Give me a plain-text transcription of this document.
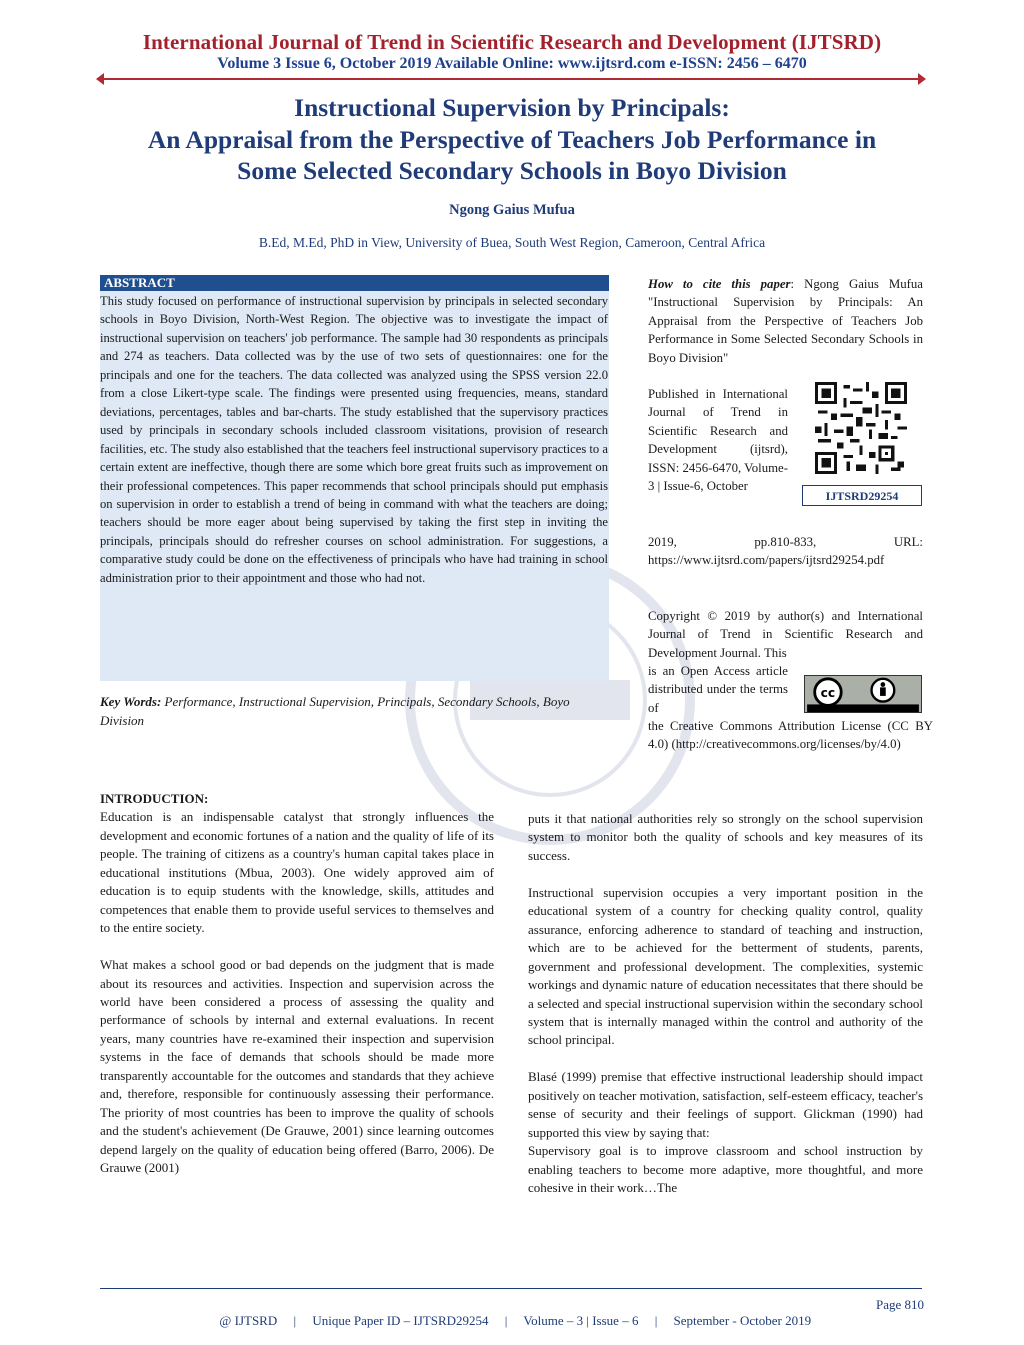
International Journal of Trend in Scientific Research and Development (IJTSRD)
Volume 3 Issue 6, October 2019 Available Online: www.ijtsrd.com e-ISSN: 2456 – 6470
Instructional Supervision by Principals:
An Appraisal from the Perspective of Teachers Job Performance in
Some Selected Secondary Schools in Boyo Division
Ngong Gaius Mufua
B.Ed, M.Ed, PhD in View, University of Buea, South West Region, Cameroon, Central Africa
ABSTRACT
This study focused on performance of instructional supervision by principals in selected secondary schools in Boyo Division, North-West Region. The objective was to investigate the impact of instructional supervision on teachers' job performance. The sample had 30 respondents as principals and 274 as teachers. Data collected was by the use of two sets of questionnaires: one for the principals and one for the teachers. The data collected was analyzed using the SPSS version 22.0 from a close Likert-type scale. The findings were presented using frequencies, means, standard deviations, percentages, tables and bar-charts. The study established that the supervisory practices used by principals in secondary schools included classroom visitations, provision of research facilities, etc. The study also established that the teachers feel instructional supervisory practices to a certain extent are ineffective, though there are some which bore great fruits such as improvement on their professional competences. This paper recommends that school principals should put emphasis on supervision in order to establish a trend of being in command with what the teachers are doing; teachers should be more eager about being supervised by taking the first step in inviting the principals, principals should do refresher courses on school administration. For suggestions, a comparative study could be done on the effectiveness of principals who have had training in school administration prior to their appointment and those who had not.
Key Words: Performance, Instructional Supervision, Principals, Secondary Schools, Boyo Division
How to cite this paper: Ngong Gaius Mufua "Instructional Supervision by Principals: An Appraisal from the Perspective of Teachers Job Performance in Some Selected Secondary Schools in Boyo Division"
Published in International Journal of Trend in Scientific Research and Development (ijtsrd), ISSN: 2456-6470, Volume-3 | Issue-6, October
2019, pp.810-833, URL: https://www.ijtsrd.com/papers/ijtsrd29254.pdf
IJTSRD29254
Copyright © 2019 by author(s) and International Journal of Trend in Scientific Research and Development Journal. This
is an Open Access article distributed under the terms of
the Creative Commons Attribution License (CC BY 4.0) (http://creativecommons.org/licenses/by/4.0)
cc
INTRODUCTION:

Education is an indispensable catalyst that strongly influences the development and economic fortunes of a nation and the quality of life of its people. The training of citizens as a country's human capital takes place in educational institutions (Mbua, 2003). One widely approved aim of education is to equip students with the knowledge, skills, attitudes and competences that enable them to provide useful services to themselves and to the entire society.

What makes a school good or bad depends on the judgment that is made about its resources and activities. Inspection and supervision across the world have been considered a process of assessing the quality and performance of schools by internal and external evaluations. In recent years, many countries have re-examined their inspection and supervision systems in the face of demands that schools should be made more transparently accountable for the outcomes and standards that they achieve and, therefore, responsible for continuously assessing their performance. The priority of most countries has been to improve the quality of schools and the student's achievement (De Grauwe, 2001) since learning outcomes depend largely on the quality of education being offered (Barro, 2006). De Grauwe (2001)

puts it that national authorities rely so strongly on the school supervision system to monitor both the quality of schools and key measures of its success.

Instructional supervision occupies a very important position in the educational system of a country for checking quality control, quality assurance, enforcing adherence to standard of teaching and instruction, which are to be achieved for the betterment of students, parents, government and professional development. The complexities, systemic workings and dynamic nature of education necessitates that there should be a selected and special instructional supervision within the secondary school system that is internally managed within the control and authority of the school principal.

Blasé (1999) premise that effective instructional leadership should impact positively on teacher motivation, satisfaction, self-esteem efficacy, teacher's sense of security and their feelings of support. Glickman (1990) had supported this view by saying that:

Supervisory goal is to improve classroom and school instruction by enabling teachers to become more adaptive, more thoughtful, and more cohesive in their work…The

@ IJTSRD     |     Unique Paper ID – IJTSRD29254     |     Volume – 3 | Issue – 6     |     September - October 2019

Page 810
